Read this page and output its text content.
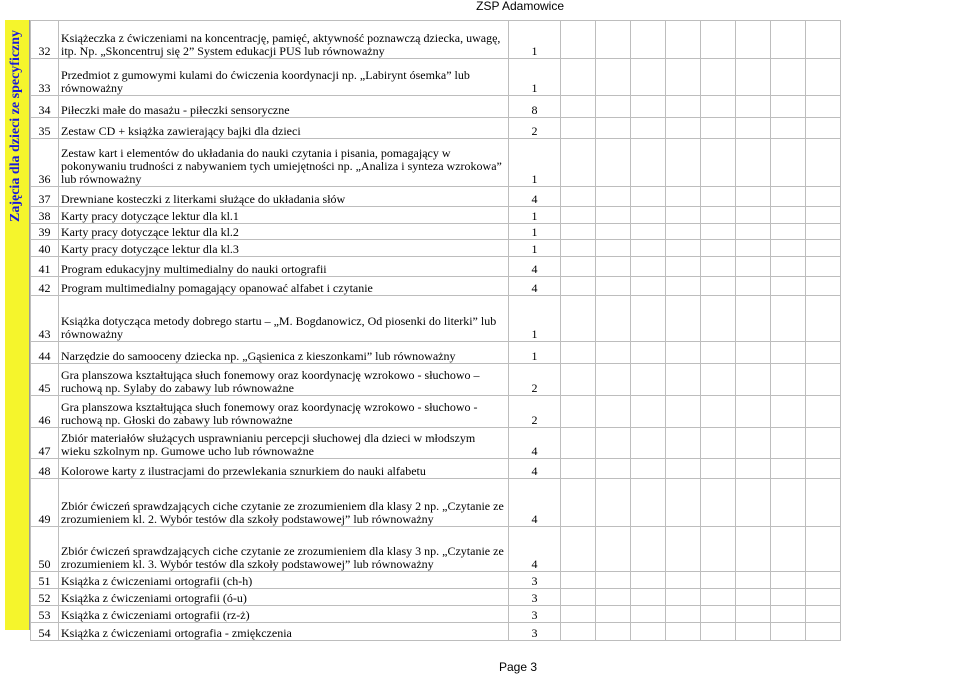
ZSP Adamowice
Zajęcia dla dzieci ze specyficzny 32	Książeczka z ćwiczeniami na koncentrację, pamięć, aktywność poznawczą dziecka, uwagę, itp. Np. „Skoncentruj się 2” System edukacji PUS lub równoważny	1								
33	Przedmiot z gumowymi kulami do ćwiczenia koordynacji np. „Labirynt ósemka” lub równoważny	1								
34	Piłeczki małe do masażu - piłeczki sensoryczne	8								
35	Zestaw CD + książka zawierający bajki dla dzieci	2								
36	Zestaw kart i elementów do układania do nauki czytania i pisania, pomagający w pokonywaniu trudności z nabywaniem tych umiejętności np. „Analiza i synteza wzrokowa” lub równoważny	1								
37	Drewniane kosteczki z literkami służące do układania słów	4								
38	Karty pracy dotyczące lektur dla kl.1	1								
39	Karty pracy dotyczące lektur dla kl.2	1								
40	Karty pracy dotyczące lektur dla kl.3	1								
41	Program edukacyjny multimedialny do nauki ortografii	4								
42	Program multimedialny pomagający opanować alfabet i czytanie	4								
43	Książka dotycząca metody dobrego startu – „M. Bogdanowicz, Od piosenki do literki” lub równoważny	1								
44	Narzędzie do samooceny dziecka np. „Gąsienica z kieszonkami” lub równoważny	1								
45	Gra planszowa kształtująca słuch fonemowy oraz koordynację wzrokowo - słuchowo – ruchową np. Sylaby do zabawy lub równoważne	2								
46	Gra planszowa kształtująca słuch fonemowy oraz koordynację wzrokowo - słuchowo - ruchową np. Głoski do zabawy lub równoważne	2								
47	Zbiór materiałów służących usprawnianiu percepcji słuchowej dla dzieci w młodszym wieku szkolnym np. Gumowe ucho lub równoważne	4								
48	Kolorowe karty z ilustracjami do przewlekania sznurkiem do nauki alfabetu	4								
49	Zbiór ćwiczeń sprawdzających ciche czytanie ze zrozumieniem dla klasy 2 np. „Czytanie ze zrozumieniem kl. 2. Wybór testów dla szkoły podstawowej” lub równoważny	4								
50	Zbiór ćwiczeń sprawdzających ciche czytanie ze zrozumieniem dla klasy 3 np. „Czytanie ze zrozumieniem kl. 3. Wybór testów dla szkoły podstawowej” lub równoważny	4								
51	Książka z ćwiczeniami ortografii (ch-h)	3								
52	Książka z ćwiczeniami ortografii (ó-u)	3								
53	Książka z ćwiczeniami ortografii (rz-ż)	3								
54	Książka z ćwiczeniami ortografia - zmiękczenia	3								
Page 3
